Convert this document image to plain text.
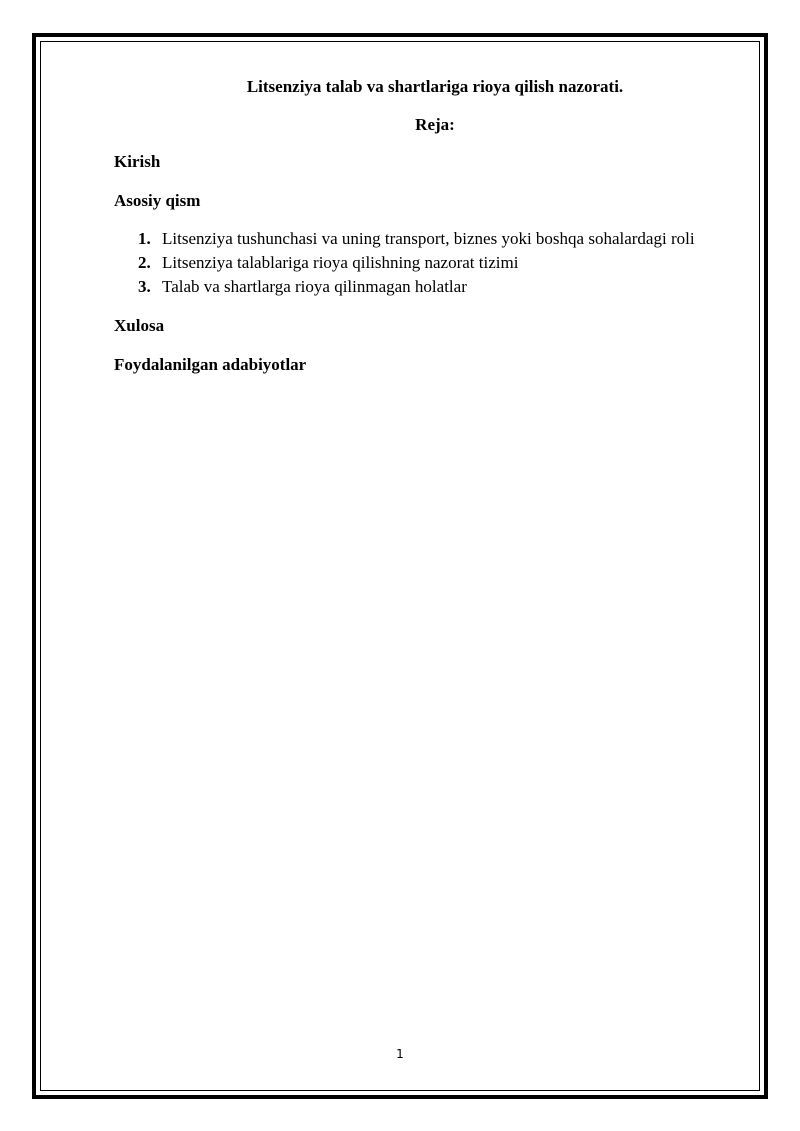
Litsenziya talab va shartlariga rioya qilish nazorati.

Reja:

Kirish

Asosiy qism

1. Litsenziya tushunchasi va uning transport, biznes yoki boshqa sohalardagi roli
2. Litsenziya talablariga rioya qilishning nazorat tizimi
3. Talab va shartlarga rioya qilinmagan holatlar

Xulosa

Foydalanilgan adabiyotlar

1
